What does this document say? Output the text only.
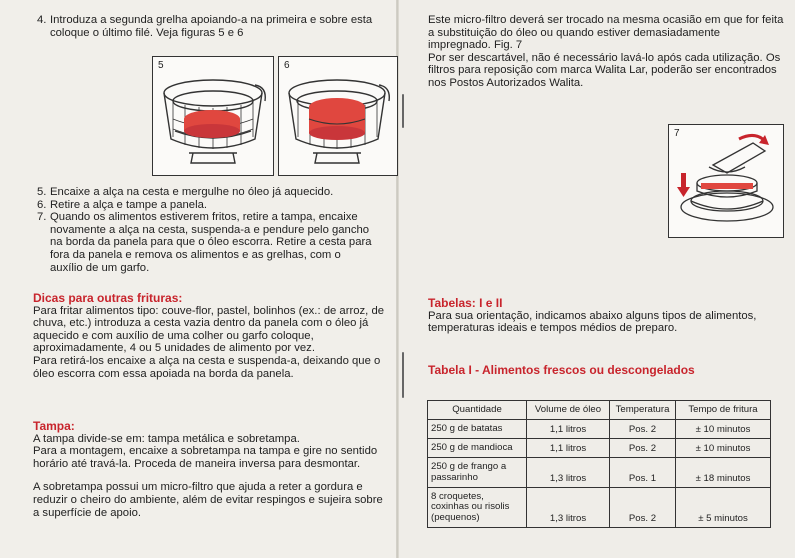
4. Introduza a segunda grelha apoiando-a na primeira e sobre esta coloque o último filé. Veja figuras 5 e 6
5	6
5. Encaixe a alça na cesta e mergulhe no óleo já aquecido.
6. Retire a alça e tampe a panela.
7. Quando os alimentos estiverem fritos, retire a tampa, encaixe novamente a alça na cesta, suspenda-a e pendure pelo gancho na borda da panela para que o óleo escorra. Retire a cesta para fora da panela e remova os alimentos e as grelhas, com o auxílio de um garfo.
Dicas para outras frituras:
Para fritar alimentos tipo: couve-flor, pastel, bolinhos (ex.: de arroz, de chuva, etc.) introduza a cesta vazia dentro da panela com o óleo já aquecido e com auxílio de uma colher ou garfo coloque, aproximadamente, 4 ou 5 unidades de alimento por vez.
Para retirá-los encaixe a alça na cesta e suspenda-a, deixando que o óleo escorra com essa apoiada na borda da panela.
Tampa:
A tampa divide-se em: tampa metálica e sobretampa.
Para a montagem, encaixe a sobretampa na tampa e gire no sentido horário até travá-la. Proceda de maneira inversa para desmontar.
A sobretampa possui um micro-filtro que ajuda a reter a gordura e reduzir o cheiro do ambiente, além de evitar respingos e sujeira sobre a superfície de apoio.
Este micro-filtro deverá ser trocado na mesma ocasião em que for feita a substituição do óleo ou quando estiver demasiadamente impregnado. Fig. 7
Por ser descartável, não é necessário lavá-lo após cada utilização. Os filtros para reposição com marca Walita Lar, poderão ser encontrados nos Postos Autorizados Walita.
7
Tabelas: I e II
Para sua orientação, indicamos abaixo alguns tipos de alimentos, temperaturas ideais e tempos médios de preparo.
Tabela I - Alimentos frescos ou descongelados
Quantidade	Volume de óleo	Temperatura	Tempo de fritura
250 g de batatas	1,1 litros	Pos. 2	± 10 minutos
250 g de mandioca	1,1 litros	Pos. 2	± 10 minutos
250 g de frango a passarinho	1,3 litros	Pos. 1	± 18 minutos
8 croquetes, coxinhas ou risolis (pequenos)	1,3 litros	Pos. 2	± 5 minutos
